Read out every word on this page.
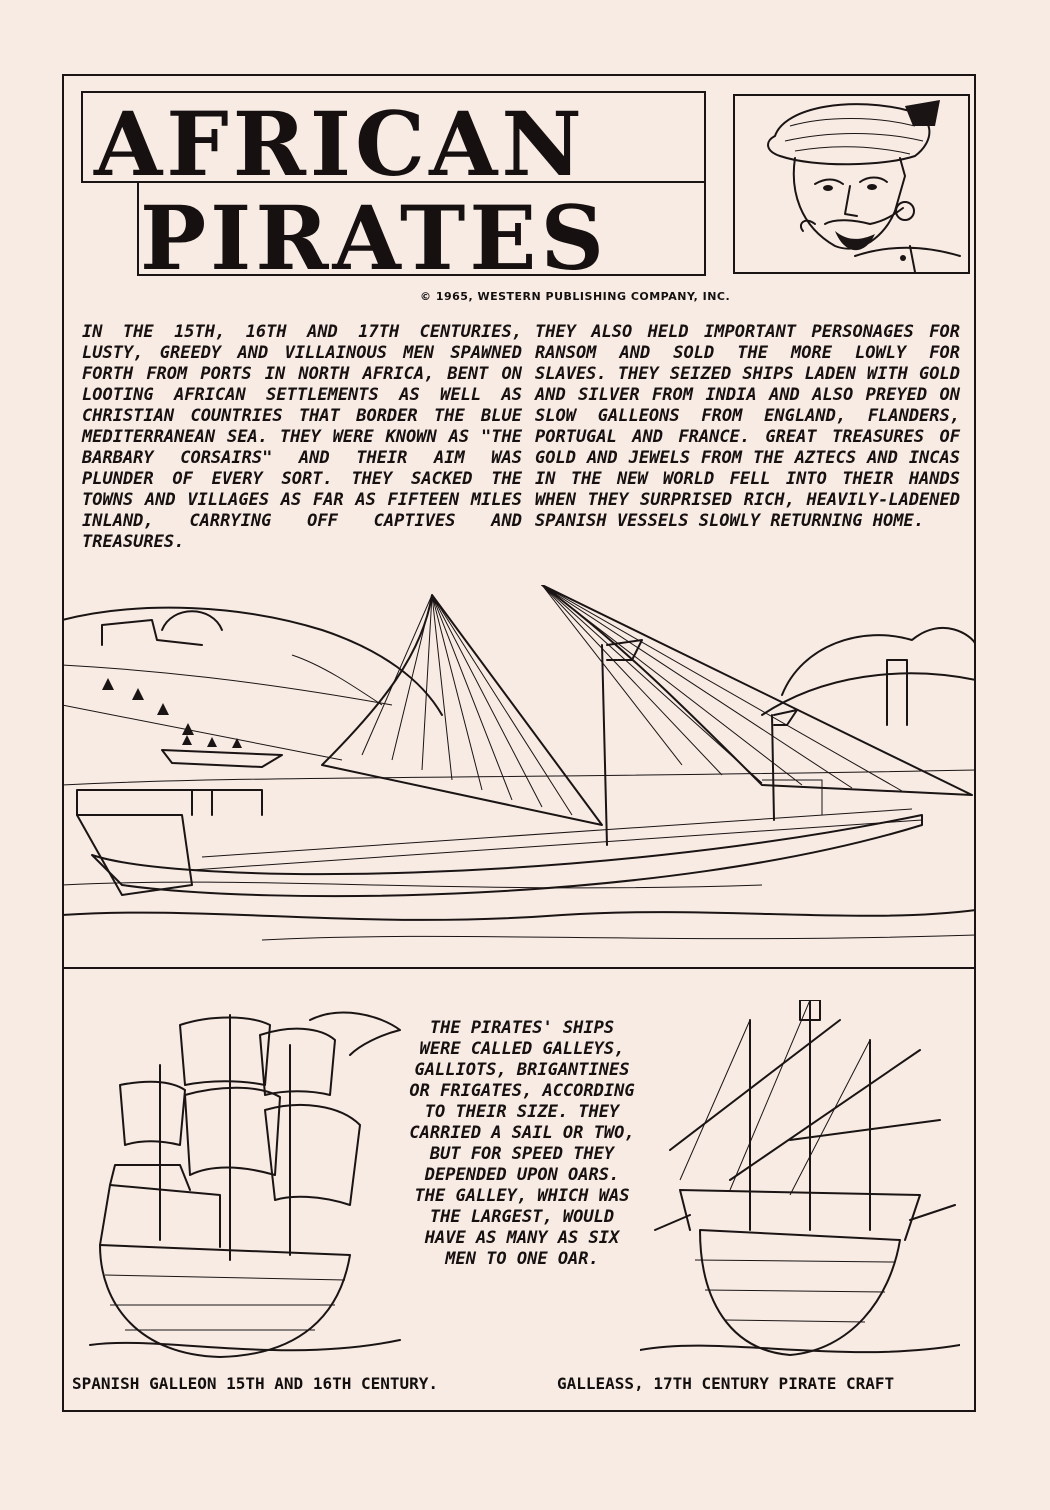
AFRICAN
PIRATES
© 1965, WESTERN PUBLISHING COMPANY, INC.

IN THE 15TH, 16TH AND 17TH CENTURIES, LUSTY, GREEDY AND VILLAINOUS MEN SPAWNED FORTH FROM PORTS IN NORTH AFRICA, BENT ON LOOTING AFRICAN SETTLEMENTS AS WELL AS CHRISTIAN COUNTRIES THAT BORDER THE BLUE MEDITERRANEAN SEA. THEY WERE KNOWN AS "THE BARBARY CORSAIRS" AND THEIR AIM WAS PLUNDER OF EVERY SORT. THEY SACKED THE TOWNS AND VILLAGES AS FAR AS FIFTEEN MILES INLAND, CARRYING OFF CAPTIVES AND TREASURES.

THEY ALSO HELD IMPORTANT PERSONAGES FOR RANSOM AND SOLD THE MORE LOWLY FOR SLAVES. THEY SEIZED SHIPS LADEN WITH GOLD AND SILVER FROM INDIA AND ALSO PREYED ON SLOW GALLEONS FROM ENGLAND, FLANDERS, PORTUGAL AND FRANCE. GREAT TREASURES OF GOLD AND JEWELS FROM THE AZTECS AND INCAS IN THE NEW WORLD FELL INTO THEIR HANDS WHEN THEY SURPRISED RICH, HEAVILY-LADENED SPANISH VESSELS SLOWLY RETURNING HOME.

THE PIRATES' SHIPS WERE CALLED GALLEYS, GALLIOTS, BRIGANTINES OR FRIGATES, ACCORDING TO THEIR SIZE. THEY CARRIED A SAIL OR TWO, BUT FOR SPEED THEY DEPENDED UPON OARS. THE GALLEY, WHICH WAS THE LARGEST, WOULD HAVE AS MANY AS SIX MEN TO ONE OAR.
SPANISH GALLEON 15TH AND 16TH CENTURY.	GALLEASS, 17TH CENTURY PIRATE CRAFT
